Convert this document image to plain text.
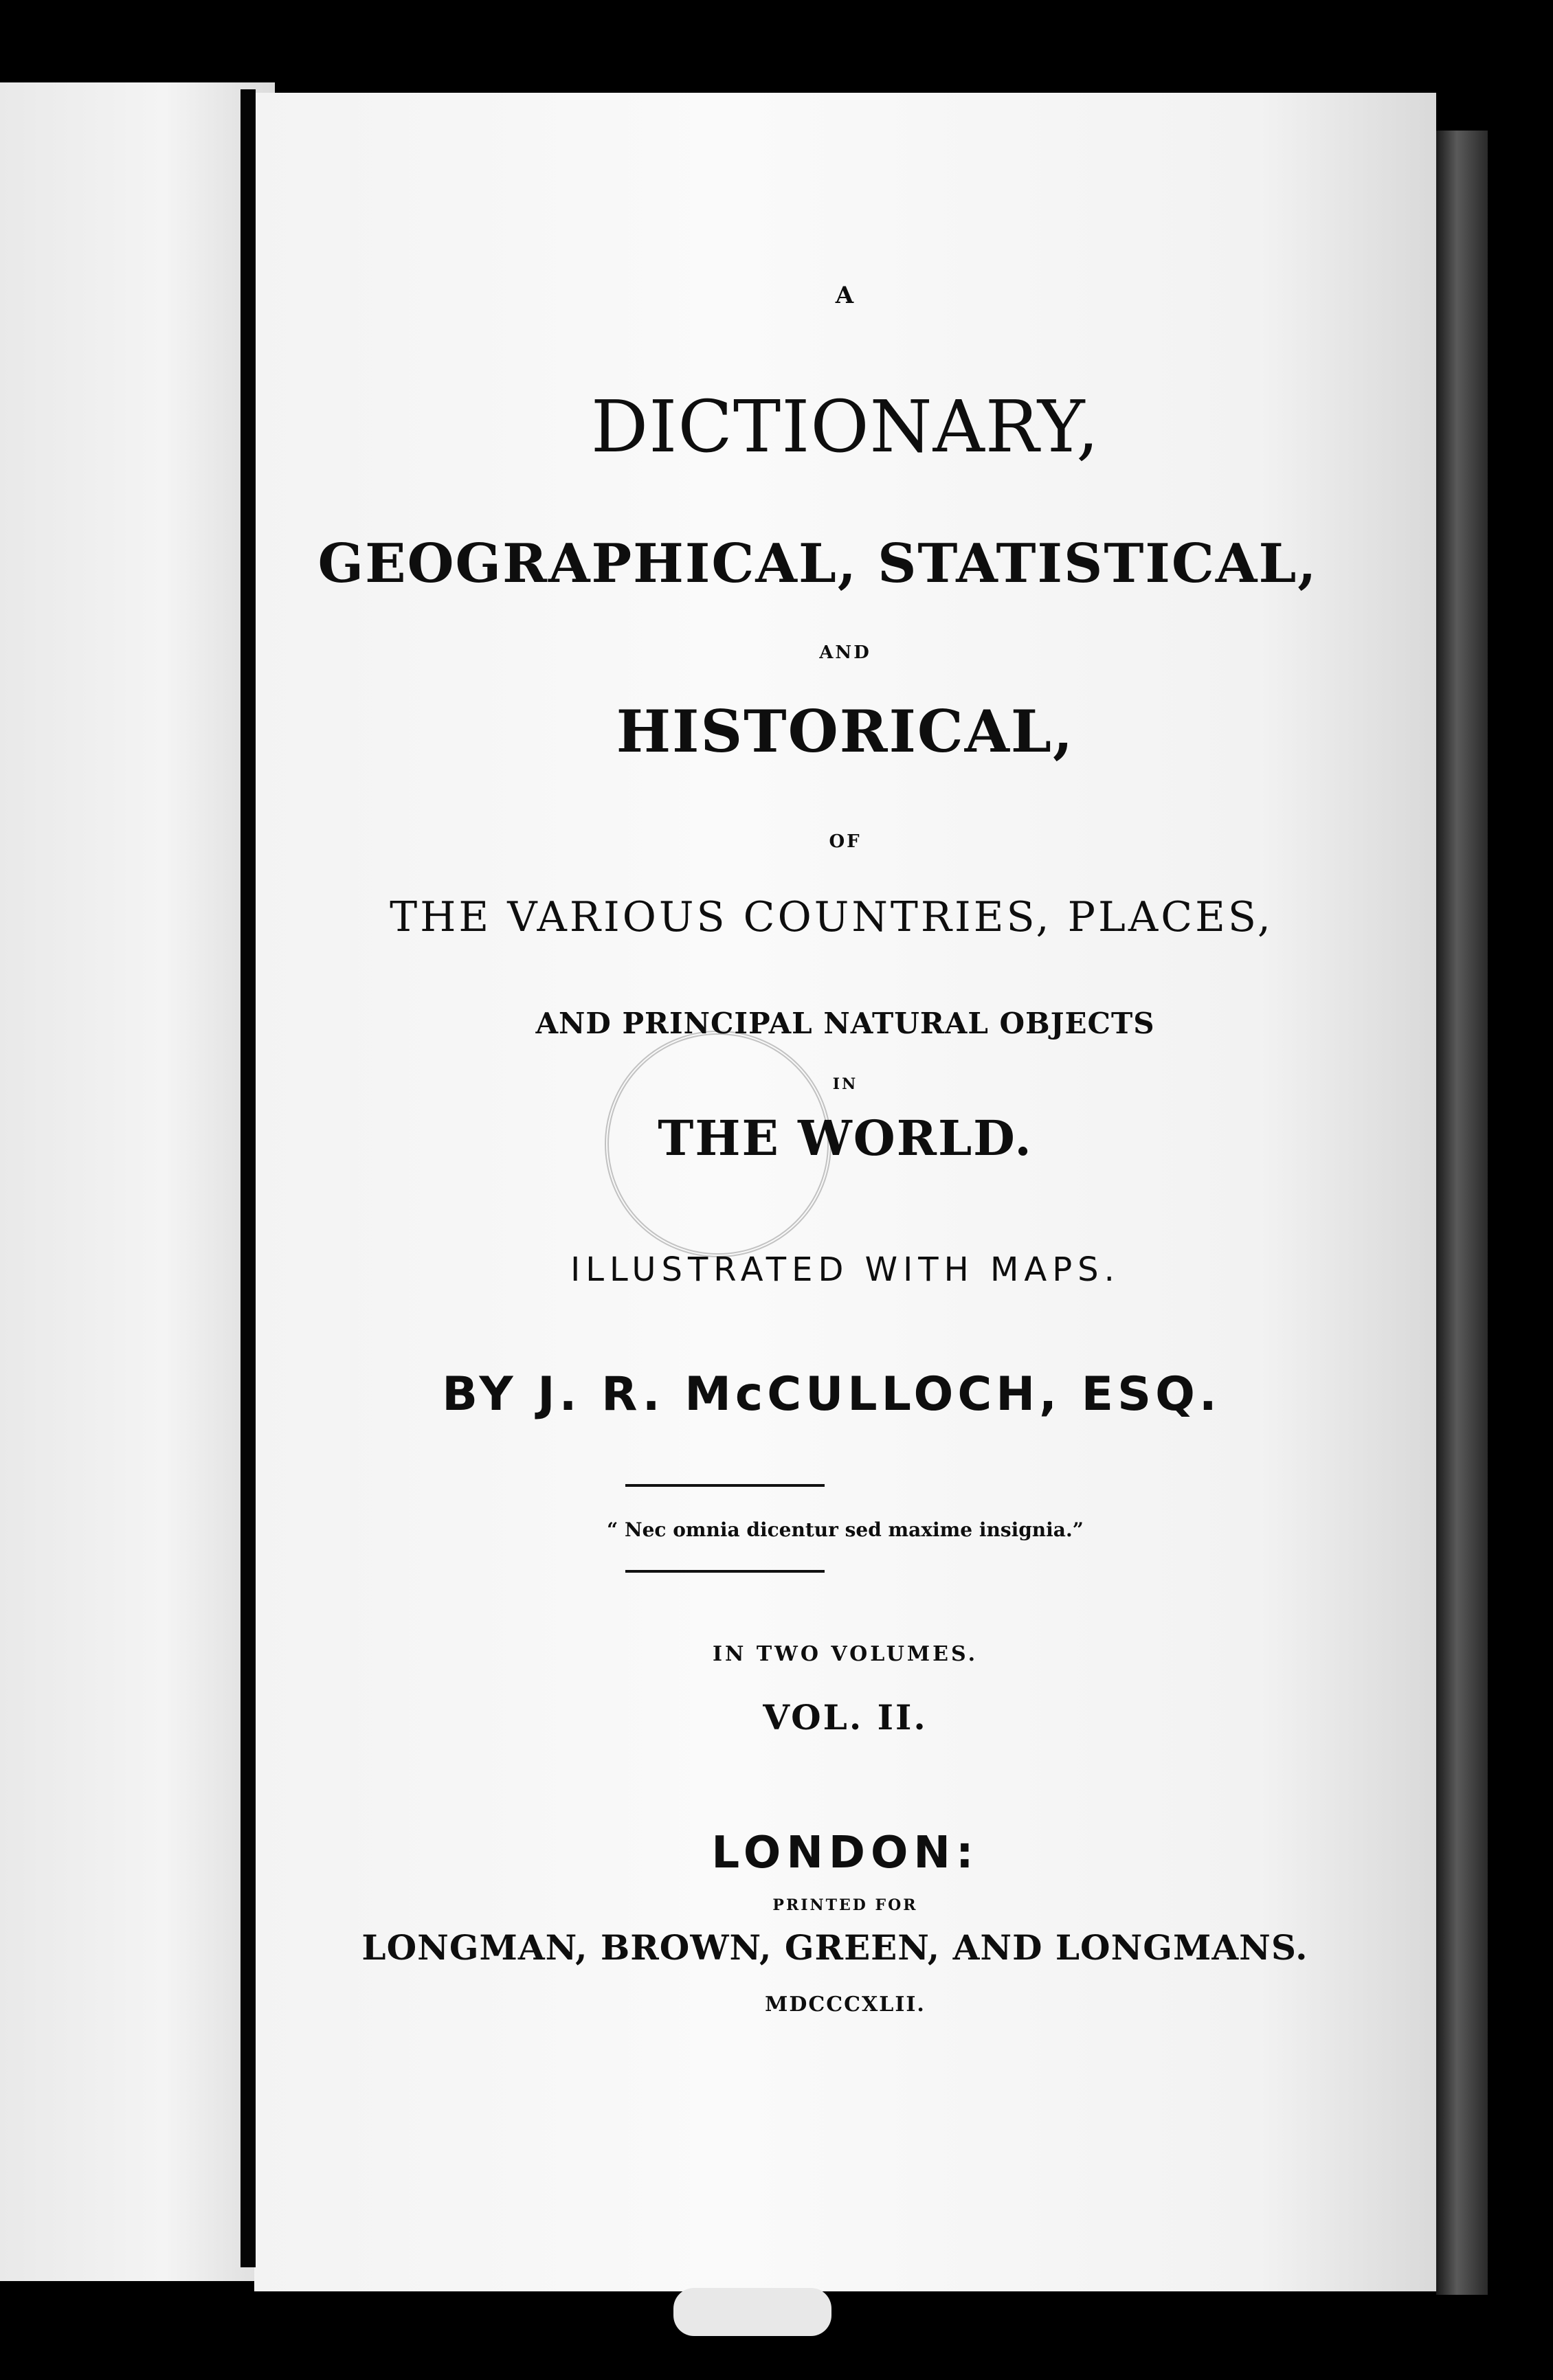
A
DICTIONARY,
GEOGRAPHICAL, STATISTICAL,
AND
HISTORICAL,
OF
THE VARIOUS COUNTRIES, PLACES,
AND PRINCIPAL NATURAL OBJECTS
IN
THE WORLD.
ILLUSTRATED WITH MAPS.
BY J. R. McCULLOCH, ESQ.
“ Nec omnia dicentur sed maxime insignia.”
IN TWO VOLUMES.
VOL. II.
LONDON:
PRINTED FOR
LONGMAN, BROWN, GREEN, AND LONGMANS.
MDCCCXLII.
